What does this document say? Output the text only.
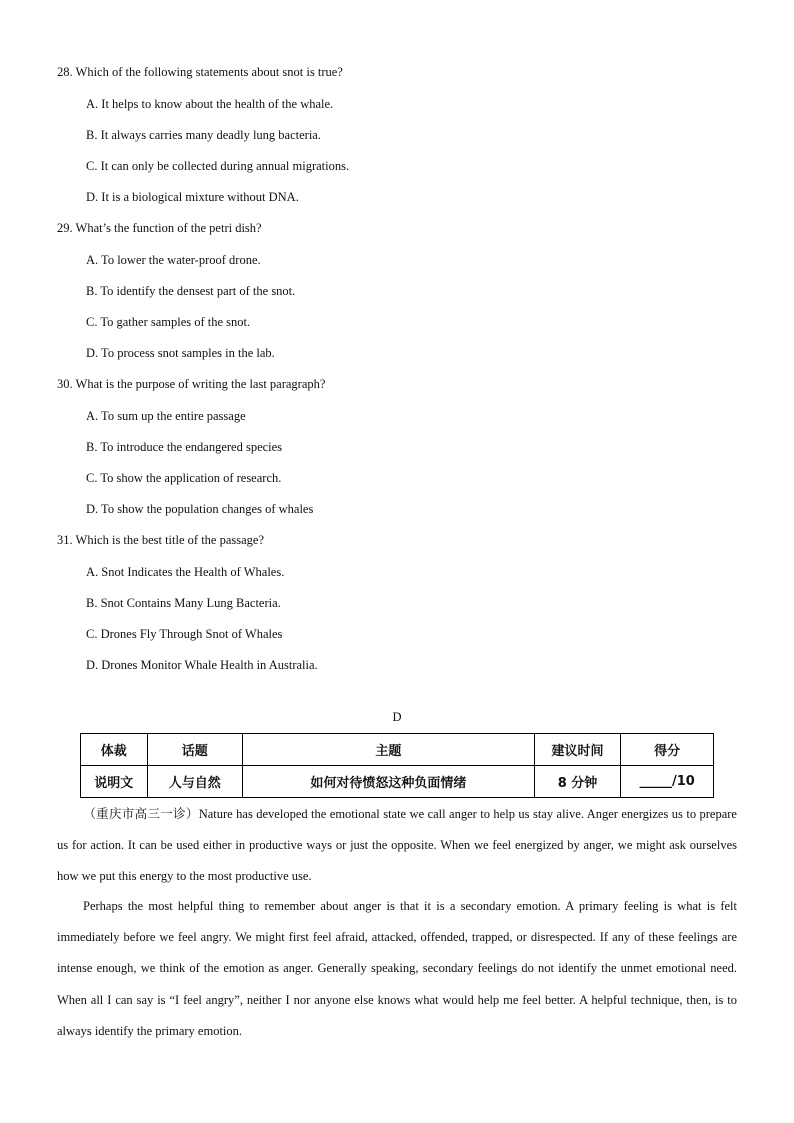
28. Which of the following statements about snot is true?
A. It helps to know about the health of the whale.
B. It always carries many deadly lung bacteria.
C. It can only be collected during annual migrations.
D. It is a biological mixture without DNA.
29. What’s the function of the petri dish?
A. To lower the water-proof drone.
B. To identify the densest part of the snot.
C. To gather samples of the snot.
D. To process snot samples in the lab.
30. What is the purpose of writing the last paragraph?
A. To sum up the entire passage
B. To introduce the endangered species
C. To show the application of research.
D. To show the population changes of whales
31. Which is the best title of the passage?
A. Snot Indicates the Health of Whales.
B. Snot Contains Many Lung Bacteria.
C. Drones Fly Through Snot of Whales
D. Drones Monitor Whale Health in Australia.
D
体裁	话题	主题	建议时间	得分
说明文	人与自然	如何对待愤怒这种负面情绪	8 分钟	_____/10
（重庆市高三一诊）Nature has developed the emotional state we call anger to help us stay alive. Anger energizes us to prepare us for action. It can be used either in productive ways or just the opposite. When we feel energized by anger, we might ask ourselves how we put this energy to the most productive use.
Perhaps the most helpful thing to remember about anger is that it is a secondary emotion. A primary feeling is what is felt immediately before we feel angry. We might first feel afraid, attacked, offended, trapped, or disrespected. If any of these feelings are intense enough, we think of the emotion as anger. Generally speaking, secondary feelings do not identify the unmet emotional need. When all I can say is “I feel angry”, neither I nor anyone else knows what would help me feel better. A helpful technique, then, is to always identify the primary emotion.
